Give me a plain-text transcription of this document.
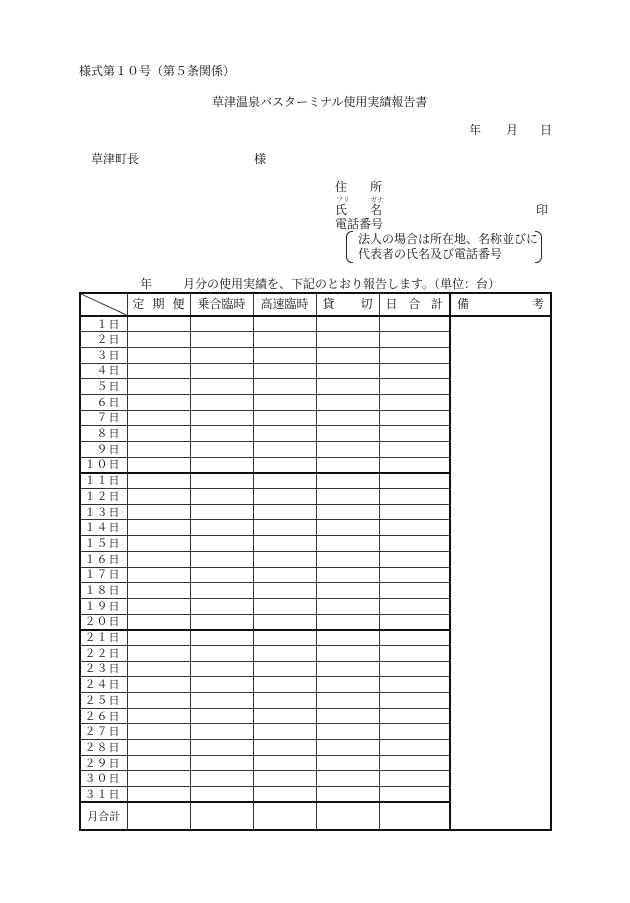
様式第１０号（第５条関係）
草津温泉バスターミナル使用実績報告書
年 月 日
草津町長	様
住 所
フリ	ガナ
氏 名	印
電話番号
法人の場合は所在地、名称並びに
代表者の氏名及び電話番号
年	月分の使用実績を、下記のとおり報告します。（単位：台）

定 期 便	乗合臨時	高速臨時	貸 切	日 合 計	備 考

１日						
２日						
３日						
４日						
５日						
６日						
７日						
８日						
９日						
１０日						
１１日						
１２日						
１３日						
１４日						
１５日						
１６日						
１７日						
１８日						
１９日						
２０日						
２１日						
２２日						
２３日						
２４日						
２５日						
２６日						
２７日						
２８日						
２９日						
３０日						
３１日						
月合計						
